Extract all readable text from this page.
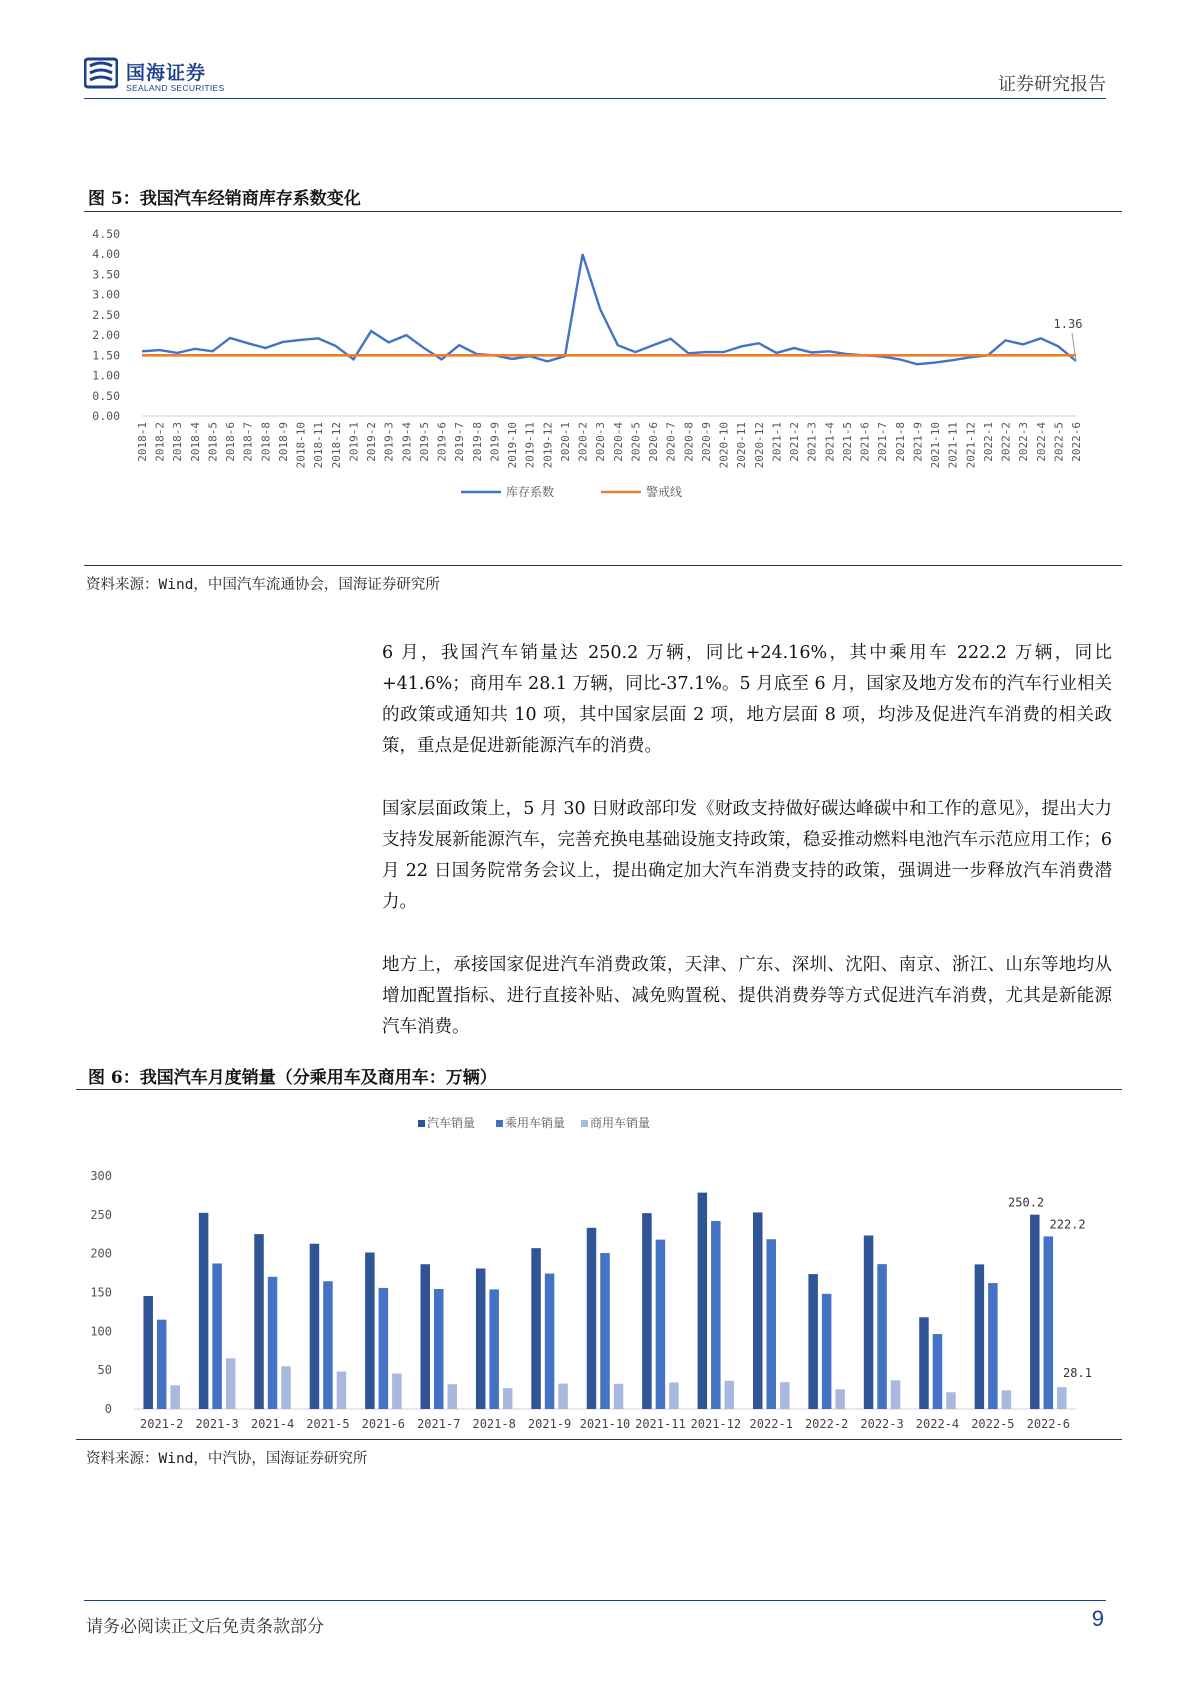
国海证券
SEALAND SECURITIES	证券研究报告
图 5：我国汽车经销商库存系数变化
0.00
0.50
1.00
1.50
2.00
2.50
3.00
3.50
4.00
4.50
2018-1 2018-2 2018-3 2018-4 2018-5 2018-6 2018-7 2018-8 2018-9 2018-10 2018-11 2018-12 2019-1 2019-2 2019-3 2019-4 2019-5 2019-6 2019-7 2019-8 2019-9 2019-10 2019-11 2019-12 2020-1 2020-2 2020-3 2020-4 2020-5 2020-6 2020-7 2020-8 2020-9 2020-10 2020-11 2020-12 2021-1 2021-2 2021-3 2021-4 2021-5 2021-6 2021-7 2021-8 2021-9 2021-10 2021-11 2021-12 2022-1 2022-2 2022-3 2022-4 2022-5 2022-6
1.36
库存系数	警戒线
资料来源：Wind，中国汽车流通协会，国海证券研究所
6 月，我国汽车销量达 250.2 万辆，同比+24.16%，其中乘用车 222.2 万辆，同比+41.6%；商用车 28.1 万辆，同比-37.1%。5 月底至 6 月，国家及地方发布的汽车行业相关的政策或通知共 10 项，其中国家层面 2 项，地方层面 8 项，均涉及促进汽车消费的相关政策，重点是促进新能源汽车的消费。
国家层面政策上，5 月 30 日财政部印发《财政支持做好碳达峰碳中和工作的意见》，提出大力支持发展新能源汽车，完善充换电基础设施支持政策，稳妥推动燃料电池汽车示范应用工作；6 月 22 日国务院常务会议上，提出确定加大汽车消费支持的政策，强调进一步释放汽车消费潜力。
地方上，承接国家促进汽车消费政策，天津、广东、深圳、沈阳、南京、浙江、山东等地均从增加配置指标、进行直接补贴、减免购置税、提供消费券等方式促进汽车消费，尤其是新能源汽车消费。
图 6：我国汽车月度销量（分乘用车及商用车：万辆）
0
50
100
150
200
250
300
2021-2 2021-3 2021-4 2021-5 2021-6 2021-7 2021-8 2021-9 2021-10 2021-11 2021-12 2022-1 2022-2 2022-3 2022-4 2022-5 2022-6
250.2
222.2
28.1
汽车销量 乘用车销量 商用车销量
资料来源：Wind，中汽协，国海证券研究所
请务必阅读正文后免责条款部分	9
